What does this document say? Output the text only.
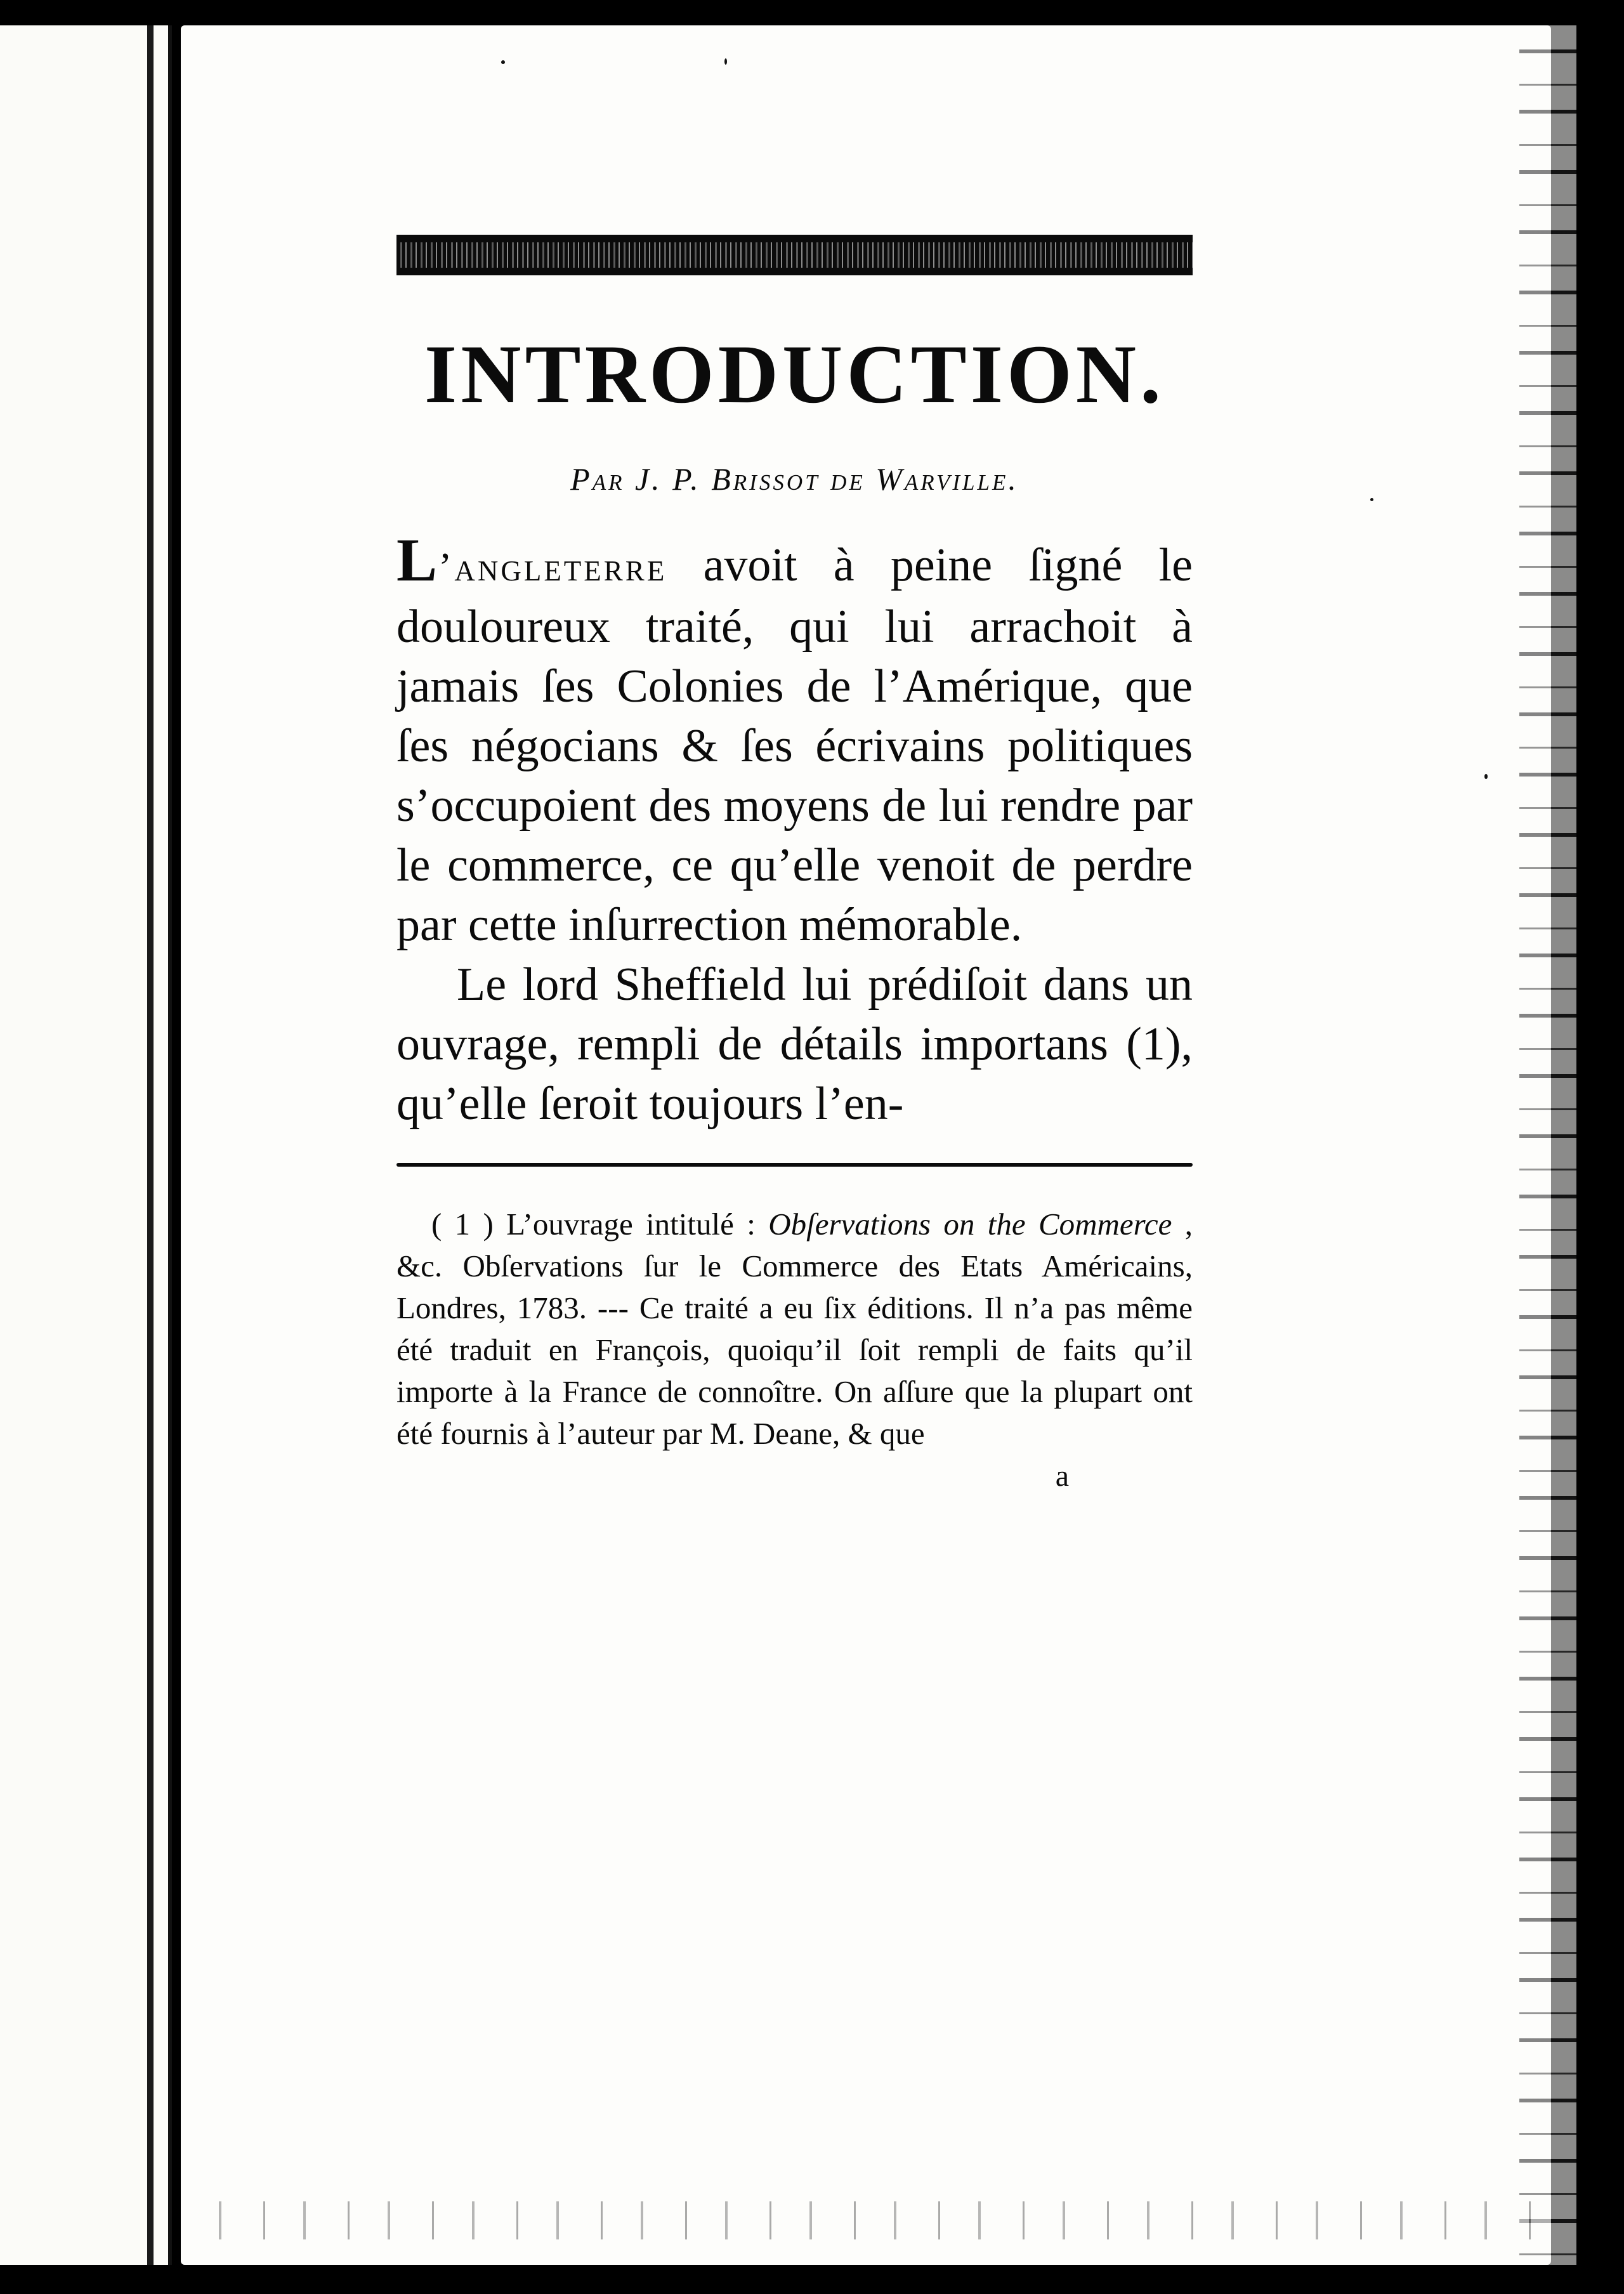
INTRODUCTION.
Par J. P. Brissot de Warville.

L’angleterre avoit à peine ſigné le douloureux traité, qui lui arrachoit à jamais ſes Colonies de l’Amérique, que ſes négocians & ſes écrivains politiques s’occupoient des moyens de lui rendre par le commerce, ce qu’elle venoit de perdre par cette inſurrection mémorable.

Le lord Sheffield lui prédiſoit dans un ouvrage, rempli de détails importans (1), qu’elle ſeroit toujours l’en-

( 1 ) L’ouvrage intitulé : Obſervations on the Commerce , &c. Obſervations ſur le Commerce des Etats Américains, Londres, 1783. --- Ce traité a eu ſix éditions. Il n’a pas même été traduit en François, quoiqu’il ſoit rempli de faits qu’il importe à la France de connoître. On aſſure que la plupart ont été fournis à l’auteur par M. Deane, & que
a
